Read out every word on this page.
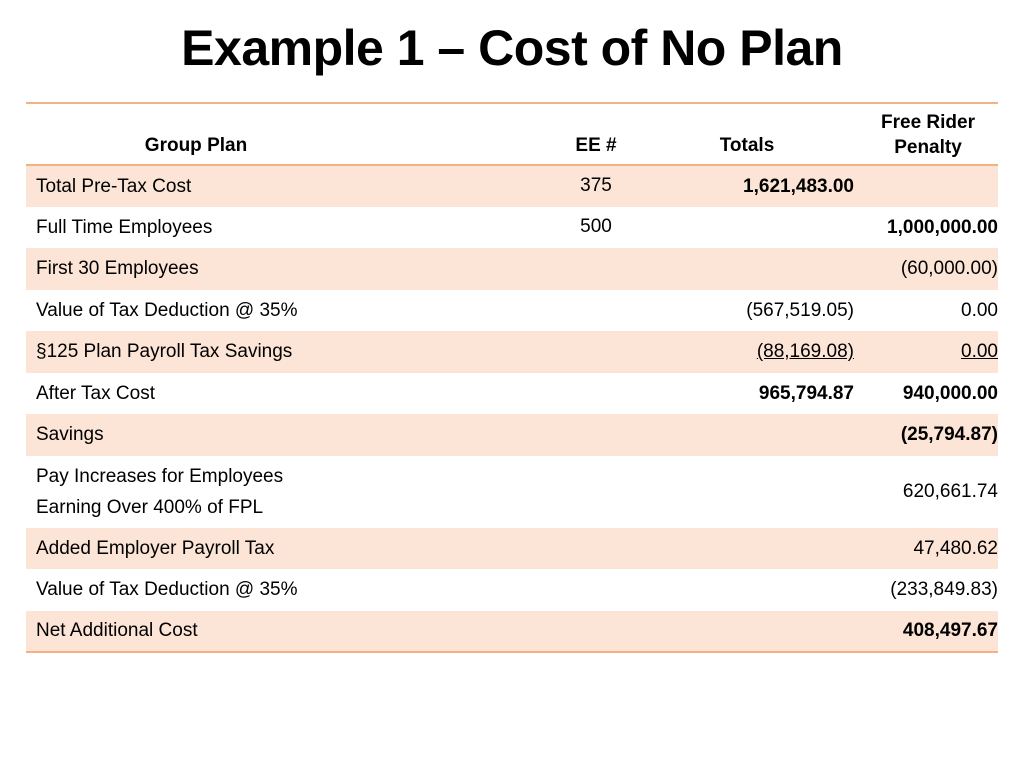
Example 1 – Cost of No Plan
Group Plan	EE #	Totals	Free Rider
Penalty
Total Pre-Tax Cost	375	1,621,483.00	
Full Time Employees	500		1,000,000.00
First 30 Employees			(60,000.00)
Value of Tax Deduction @ 35%		(567,519.05)	0.00
§125 Plan Payroll Tax Savings		(88,169.08)	0.00
After Tax Cost		965,794.87	940,000.00
Savings			(25,794.87)
Pay Increases for Employees
Earning Over 400% of FPL			620,661.74
Added Employer Payroll Tax			47,480.62
Value of Tax Deduction @ 35%			(233,849.83)
Net Additional Cost			408,497.67
